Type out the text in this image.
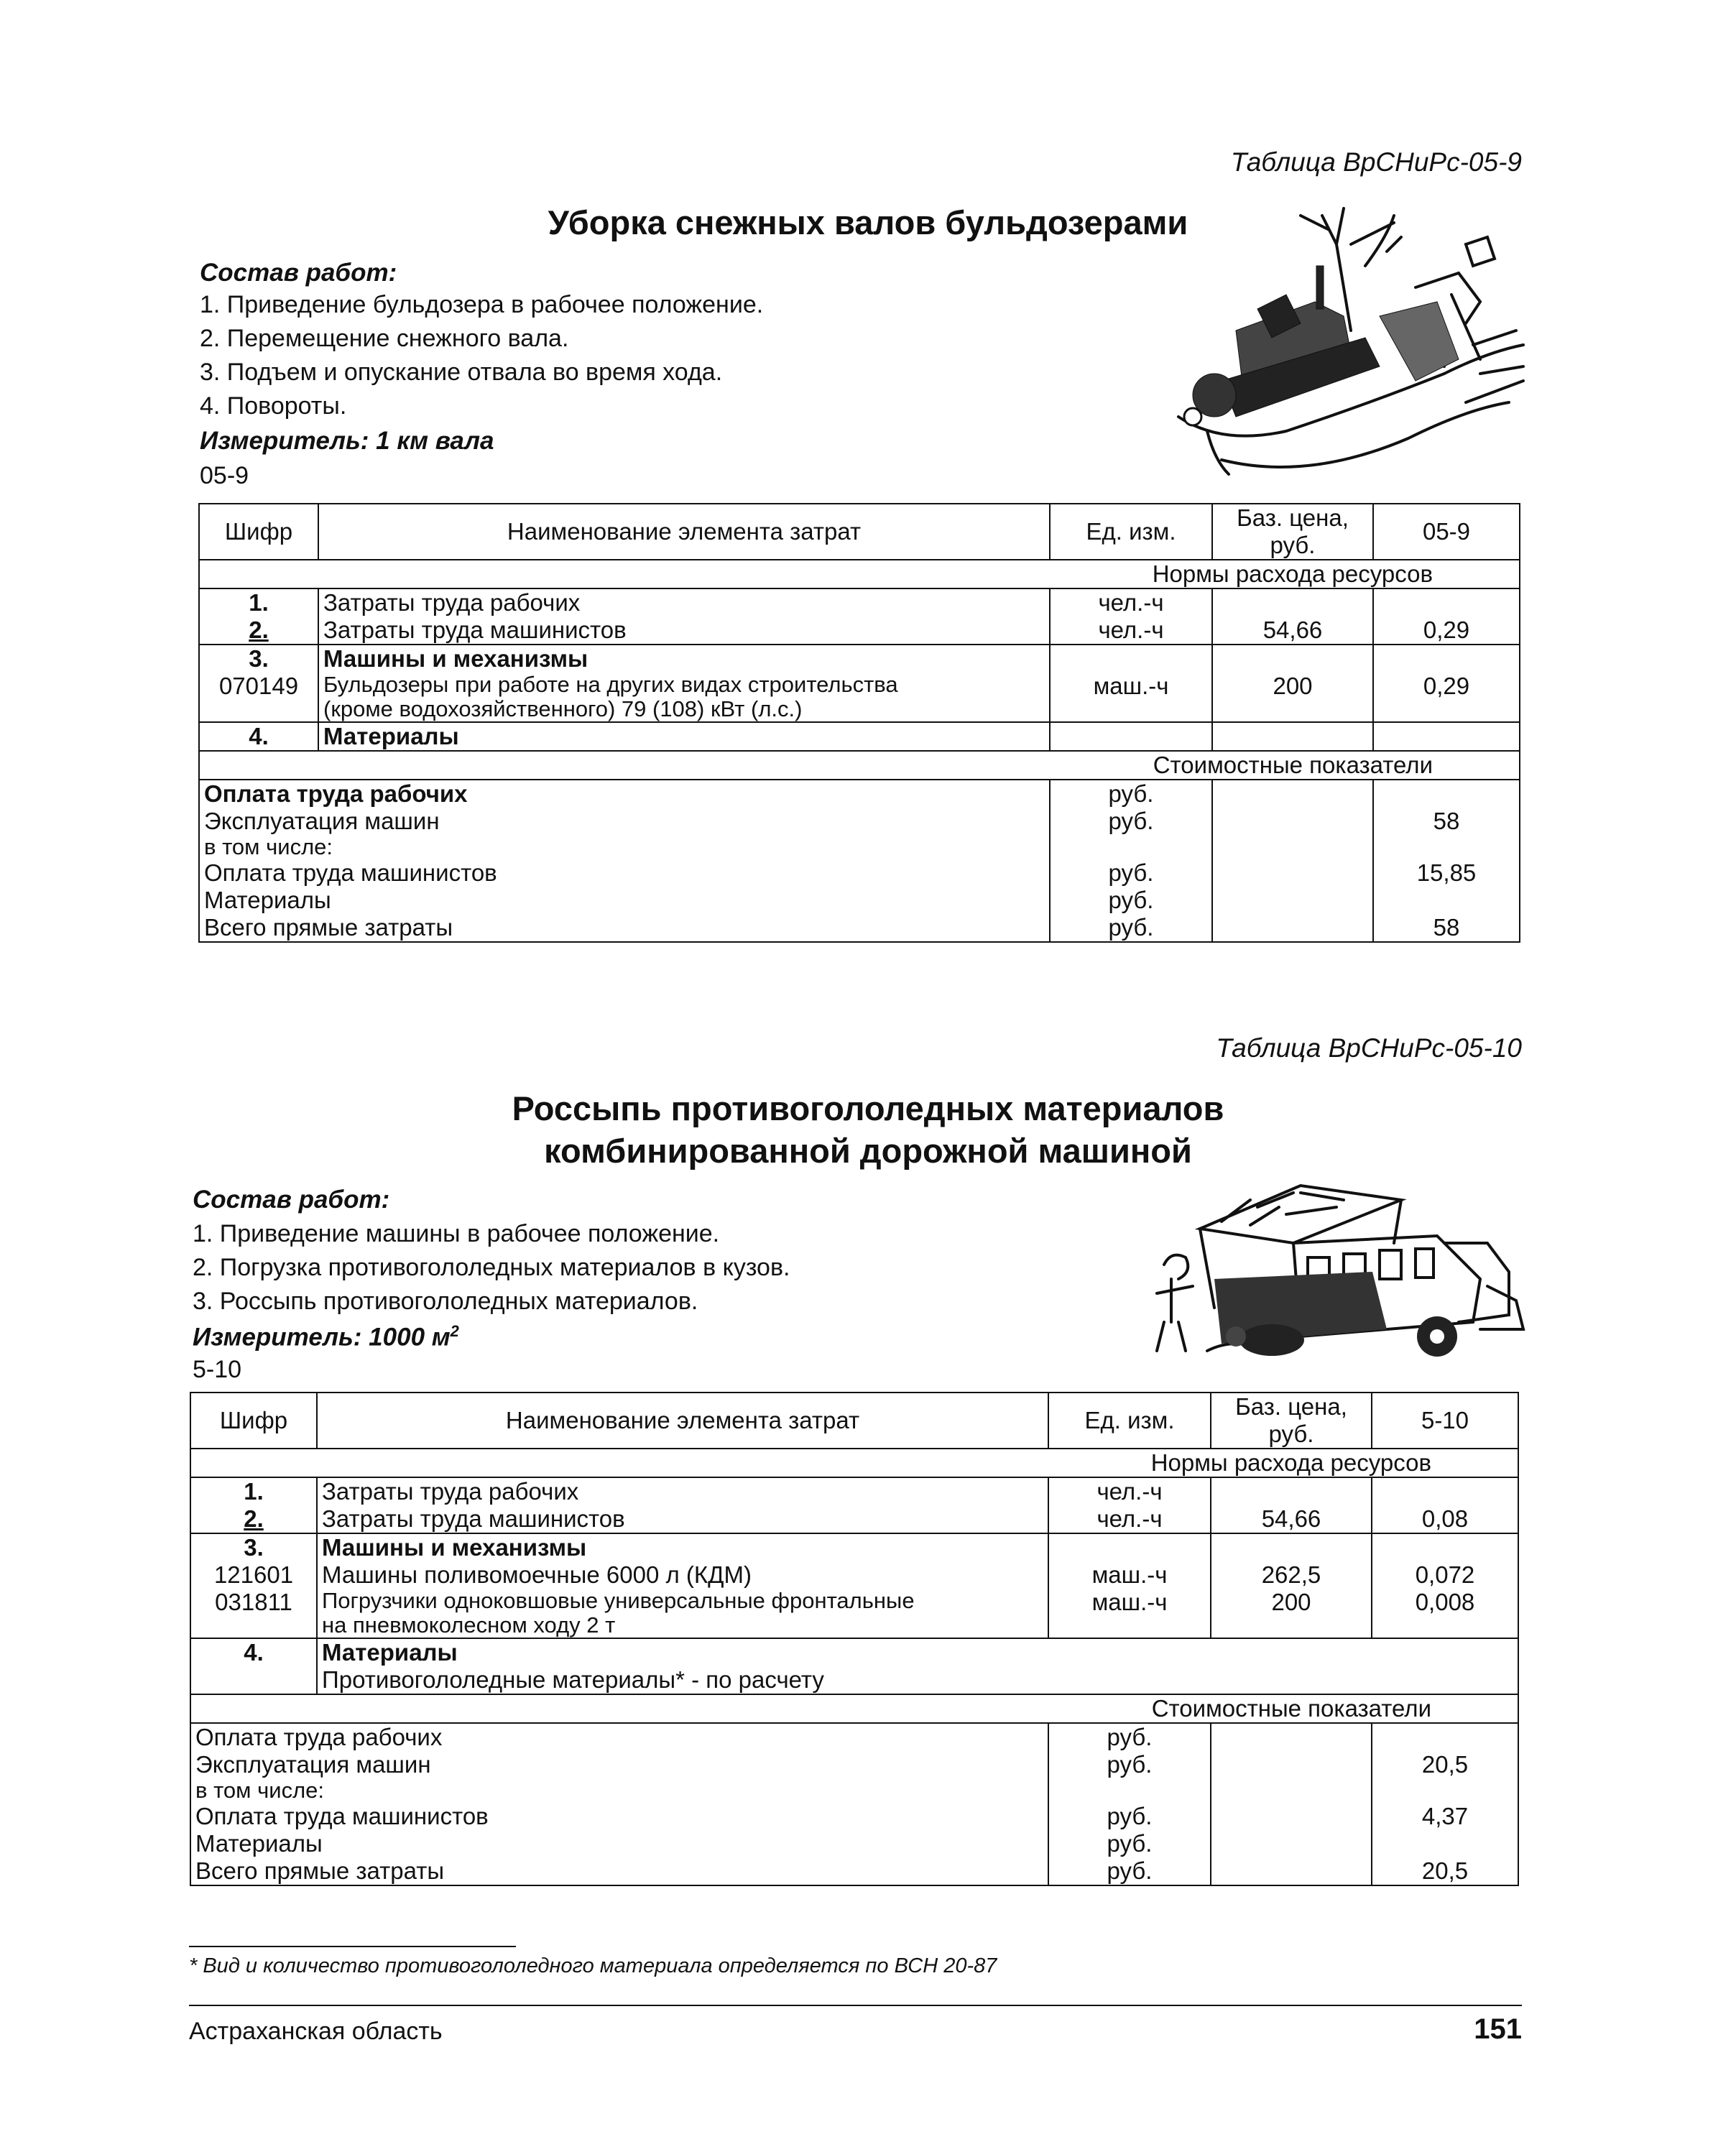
Таблица ВрСНиРс-05-9
Уборка снежных валов бульдозерами
Состав работ:
1. Приведение бульдозера в рабочее положение.
2. Перемещение снежного вала.
3. Подъем и опускание отвала во время хода.
4. Повороты.
Измеритель: 1 км вала
05-9
Шифр	Наименование элемента затрат	Ед. изм.	Баз. цена, руб.	05-9
Нормы расхода ресурсов				
1.	Затраты труда рабочих	чел.-ч		
2.	Затраты труда машинистов	чел.-ч	54,66	0,29
3.	Машины и механизмы			
070149	Бульдозеры при работе на других видах строительства
(кроме водохозяйственного) 79 (108) кВт (л.с.)	маш.-ч	200	0,29
4.	Материалы			
Стоимостные показатели				
Оплата труда рабочих		руб.		
Эксплуатация машин		руб.		58
в том числе:				
Оплата труда машинистов		руб.		15,85
Материалы		руб.		
Всего прямые затраты		руб.		58
Таблица ВрСНиРс-05-10
Россыпь противогололедных материалов
комбинированной дорожной машиной
Состав работ:
1. Приведение машины в рабочее положение.
2. Погрузка противогололедных материалов в кузов.
3. Россыпь противогололедных материалов.
Измеритель: 1000 $м^2$
5-10
Шифр	Наименование элемента затрат	Ед. изм.	Баз. цена, руб.	5-10
Нормы расхода ресурсов				
1.	Затраты труда рабочих	чел.-ч		
2.	Затраты труда машинистов	чел.-ч	54,66	0,08
3.	Машины и механизмы			
121601	Машины поливомоечные 6000 л (КДМ)	маш.-ч	262,5	0,072
031811	Погрузчики одноковшовые универсальные фронтальные
на пневмоколесном ходу 2 т	маш.-ч	200	0,008
4.	Материалы
Противогололедные материалы* - по расчету			

Стоимостные показатели				
Оплата труда рабочих		руб.		
Эксплуатация машин		руб.		20,5
в том числе:				
Оплата труда машинистов		руб.		4,37
Материалы		руб.		
Всего прямые затраты		руб.		20,5
* Вид и количество противогололедного материала определяется по ВСН 20-87
Астраханская область	151
